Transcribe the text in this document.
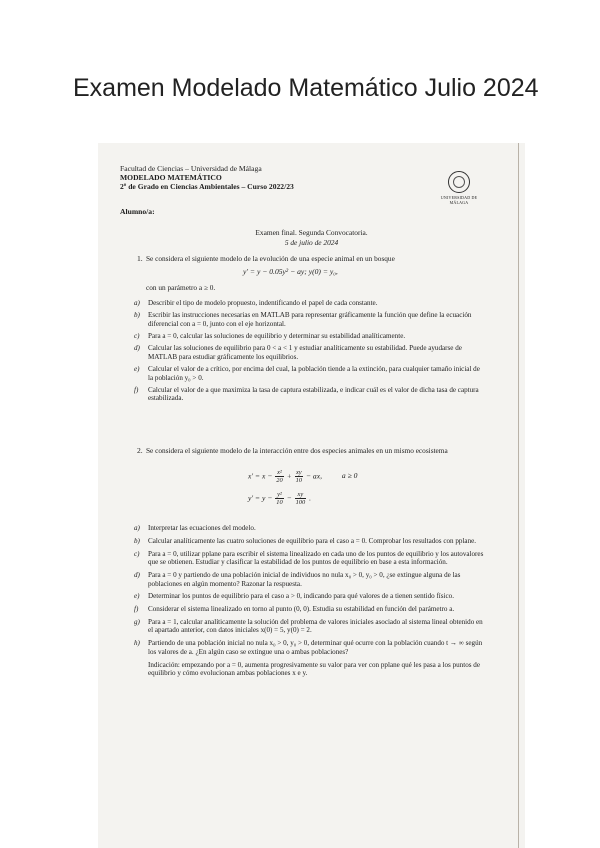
Examen Modelado Matemático Julio 2024
Facultad de Ciencias – Universidad de Málaga
MODELADO MATEMÁTICO
2º de Grado en Ciencias Ambientales – Curso 2022/23
UNIVERSIDAD DE MÁLAGA
Alumno/a:
Examen final. Segunda Convocatoria.
5 de julio de 2024
1. Se considera el siguiente modelo de la evolución de una especie animal en un bosque
y′ = y − 0.05y² − ay; y(0) = y₀,
con un parámetro a ≥ 0.
a) Describir el tipo de modelo propuesto, indentificando el papel de cada constante.
b) Escribir las instrucciones necesarias en MATLAB para representar gráficamente la función que define la ecuación diferencial con a = 0, junto con el eje horizontal.
c) Para a = 0, calcular las soluciones de equilibrio y determinar su estabilidad analíticamente.
d) Calcular las soluciones de equilibrio para 0 < a < 1 y estudiar analíticamente su estabilidad. Puede ayudarse de MATLAB para estudiar gráficamente los equilibrios.
e) Calcular el valor de a crítico, por encima del cual, la población tiende a la extinción, para cualquier tamaño inicial de la población y₀ > 0.
f) Calcular el valor de a que maximiza la tasa de captura estabilizada, e indicar cuál es el valor de dicha tasa de captura estabilizada.
2. Se considera el siguiente modelo de la interacción entre dos especies animales en un mismo ecosistema
$x' = x - \frac{\text{x²}}{20} + \frac{xy}{10}$ − ax,	a ≥ 0
$y' = y - \frac{\text{y²}}{10} - \frac{xy}{100}$ .
a) Interpretar las ecuaciones del modelo.
b) Calcular analíticamente las cuatro soluciones de equilibrio para el caso a = 0. Comprobar los resultados con pplane.
c) Para a = 0, utilizar pplane para escribir el sistema linealizado en cada uno de los puntos de equilibrio y los autovalores que se obtienen. Estudiar y clasificar la estabilidad de los puntos de equilibrio en base a esta información.
d) Para a = 0 y partiendo de una población inicial de individuos no nula x₀ > 0, y₀ > 0, ¿se extingue alguna de las poblaciones en algún momento? Razonar la respuesta.
e) Determinar los puntos de equilibrio para el caso a > 0, indicando para qué valores de a tienen sentido físico.
f) Considerar el sistema linealizado en torno al punto (0, 0). Estudia su estabilidad en función del parámetro a.
g) Para a = 1, calcular analíticamente la solución del problema de valores iniciales asociado al sistema lineal obtenido en el apartado anterior, con datos iniciales x(0) = 5, y(0) = 2.
h) Partiendo de una población inicial no nula x₀ > 0, y₀ > 0, determinar qué ocurre con la población cuando t → ∞ según los valores de a. ¿En algún caso se extingue una o ambas poblaciones?
Indicación: empezando por a = 0, aumenta progresivamente su valor para ver con pplane qué les pasa a los puntos de equilibrio y cómo evolucionan ambas poblaciones x e y.
